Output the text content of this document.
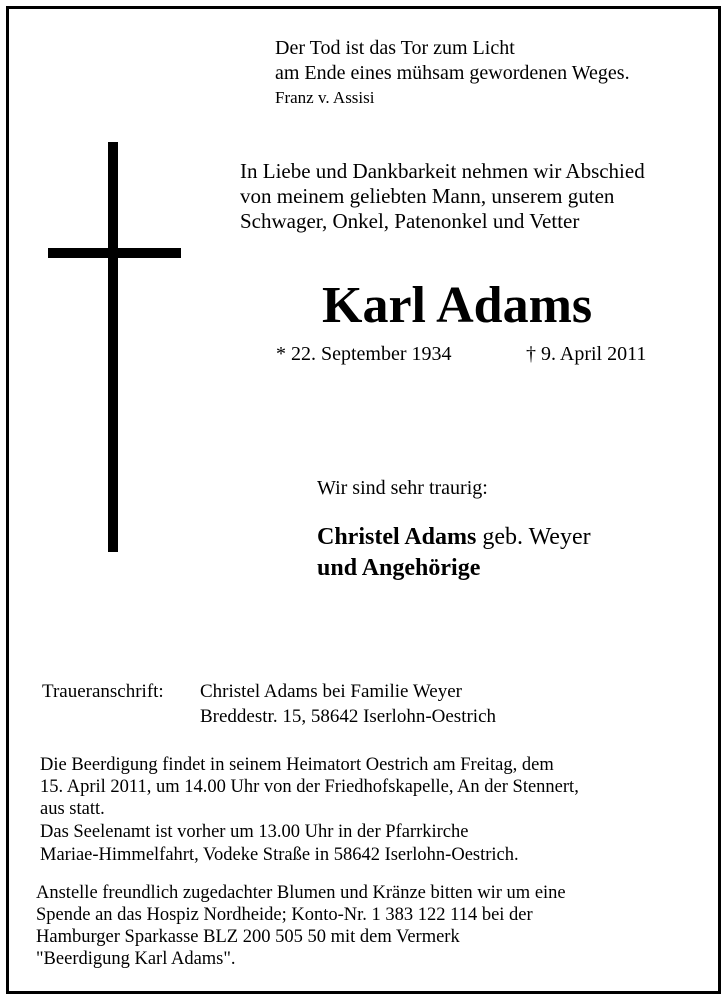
Der Tod ist das Tor zum Licht
am Ende eines mühsam gewordenen Weges.
Franz v. Assisi
In Liebe und Dankbarkeit nehmen wir Abschied
von meinem geliebten Mann, unserem guten
Schwager, Onkel, Patenonkel und Vetter
Karl Adams
* 22. September 1934	† 9. April 2011
Wir sind sehr traurig:
Christel Adams geb. Weyer
und Angehörige
Traueranschrift: Christel Adams bei Familie Weyer
Breddestr. 15, 58642 Iserlohn-Oestrich
Die Beerdigung findet in seinem Heimatort Oestrich am Freitag, dem
15. April 2011, um 14.00 Uhr von der Friedhofskapelle, An der Stennert,
aus statt.
Das Seelenamt ist vorher um 13.00 Uhr in der Pfarrkirche
Mariae-Himmelfahrt, Vodeke Straße in 58642 Iserlohn-Oestrich.
Anstelle freundlich zugedachter Blumen und Kränze bitten wir um eine
Spende an das Hospiz Nordheide; Konto-Nr. 1 383 122 114 bei der
Hamburger Sparkasse BLZ 200 505 50 mit dem Vermerk
"Beerdigung Karl Adams".
